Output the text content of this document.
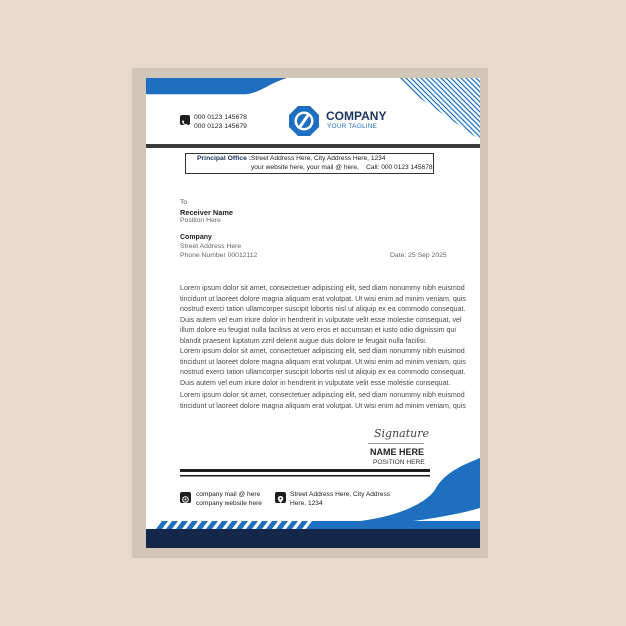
000 0123 145678
000 0123 145679
COMPANY
YOUR TAGLINE
Principal Office : Street Address Here, City Address Here, 1234
your website here, your mail @ here,    Call: 000 0123 145678
To
Receiver Name
Position Here
Company
Street Address Here
Phone Number 00012112	Date: 25 Sep 2025
Lorem ipsum dolor sit amet, consectetuer adipiscing elit, sed diam nonummy nibh euismod
tincidunt ut laoreet dolore magna aliquam erat volutpat. Ut wisi enim ad minim veniam, quis
nostrud exerci tation ullamcorper suscipit lobortis nisl ut aliquip ex ea commodo consequat.
Duis autem vel eum iriure dolor in hendrerit in vulputate velit esse molestie consequat, vel
illum dolore eu feugiat nulla facilisis at vero eros et accumsan et iusto odio dignissim qui
blandit praesent luptatum zzril delenit augue duis dolore te feugait nulla facilisi.
Lorem ipsum dolor sit amet, consectetuer adipiscing elit, sed diam nonummy nibh euismod
tincidunt ut laoreet dolore magna aliquam erat volutpat. Ut wisi enim ad minim veniam, quis
nostrud exerci tation ullamcorper suscipit lobortis nisl ut aliquip ex ea commodo consequat.
Duis autem vel eum iriure dolor in hendrerit in vulputate velit esse molestie consequat.
Lorem ipsum dolor sit amet, consectetuer adipiscing elit, sed diam nonummy nibh euismod
tincidunt ut laoreet dolore magna aliquam erat volutpat. Ut wisi enim ad minim veniam, quis
Signature
NAME HERE
POSITION HERE
company mail @ here
company website here
Street Address Here, City Address
Here, 1234
